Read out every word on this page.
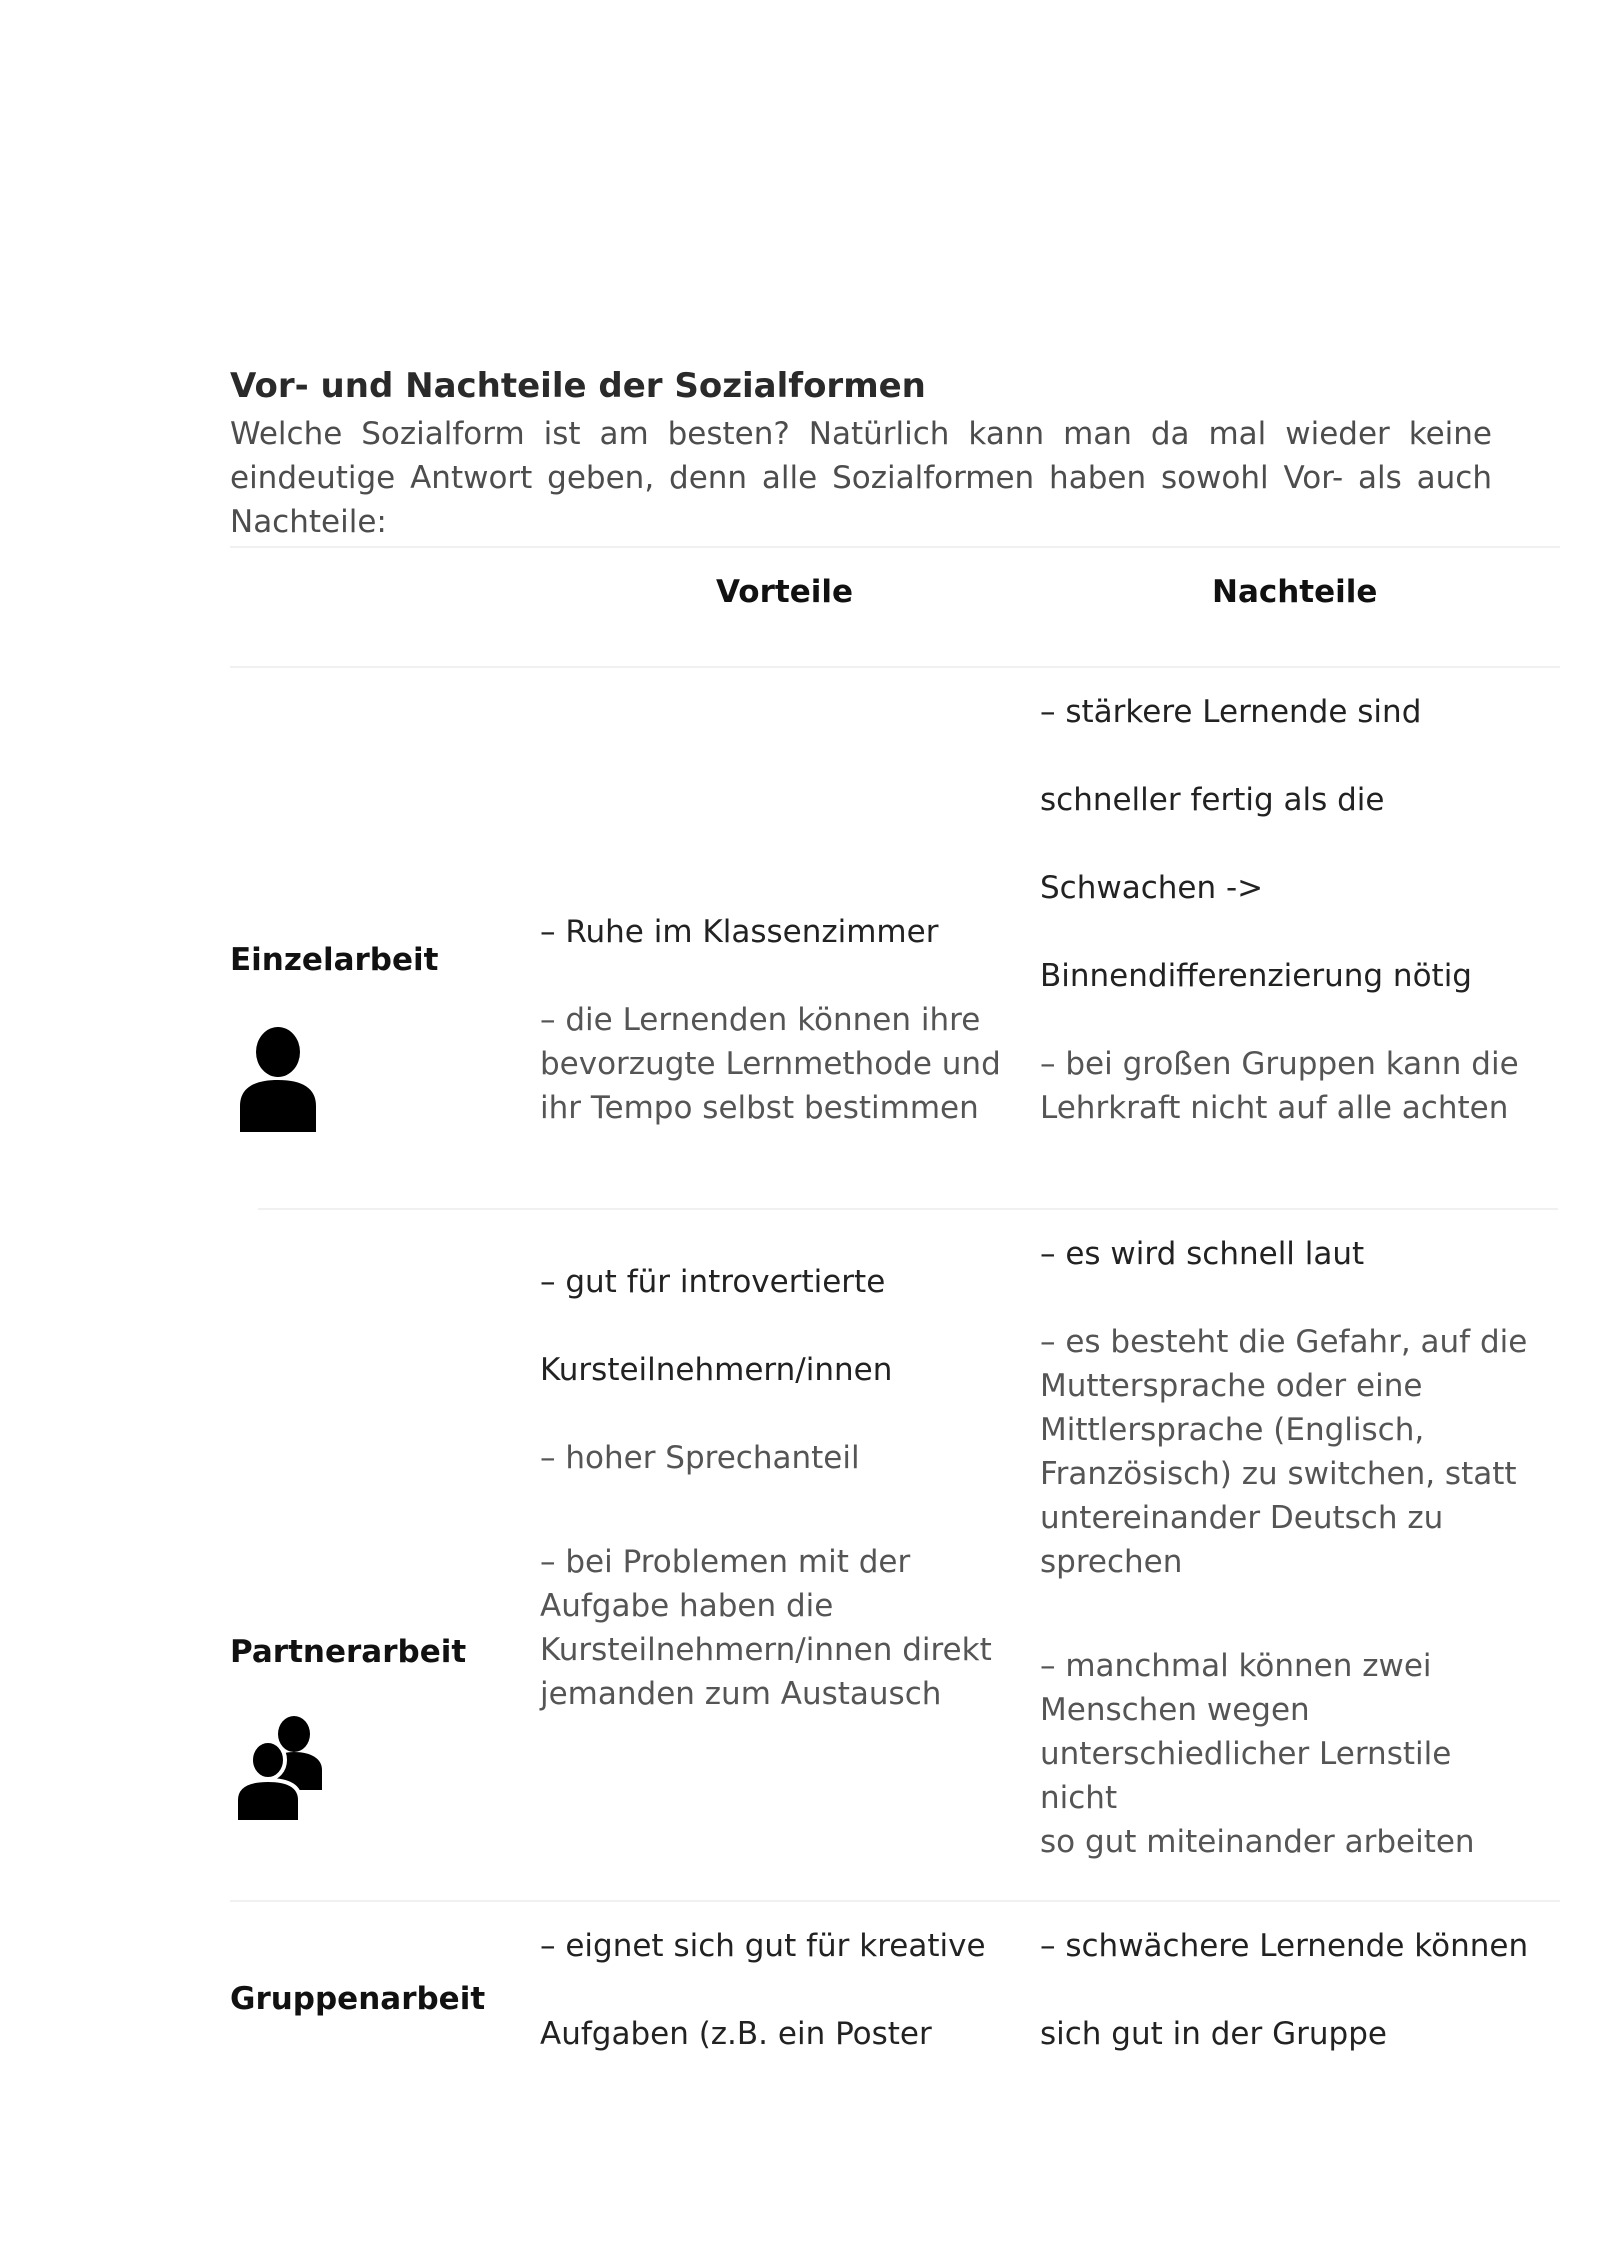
Vor- und Nachteile der Sozialformen

Welche Sozialform ist am besten? Natürlich kann man da mal wieder keine eindeutige Antwort geben, denn alle Sozialformen haben sowohl Vor- als auch Nachteile:

Vorteile	Nachteile
Einzelarbeit

– Ruhe im Klassenzimmer

– die Lernenden können ihre

bevorzugte Lernmethode und

ihr Tempo selbst bestimmen

– stärkere Lernende sind

schneller fertig als die

Schwachen ->

Binnendifferenzierung nötig

– bei großen Gruppen kann die

Lehrkraft nicht auf alle achten

Partnerarbeit

– gut für introvertierte

Kursteilnehmern/innen

– hoher Sprechanteil

– bei Problemen mit der

Aufgabe haben die

Kursteilnehmern/innen direkt

jemanden zum Austausch

– es wird schnell laut

– es besteht die Gefahr, auf die

Muttersprache oder eine

Mittlersprache (Englisch,

Französisch) zu switchen, statt

untereinander Deutsch zu

sprechen

– manchmal können zwei

Menschen wegen

unterschiedlicher Lernstile nicht

so gut miteinander arbeiten

Gruppenarbeit

– eignet sich gut für kreative

Aufgaben (z.B. ein Poster

– schwächere Lernende können

sich gut in der Gruppe
